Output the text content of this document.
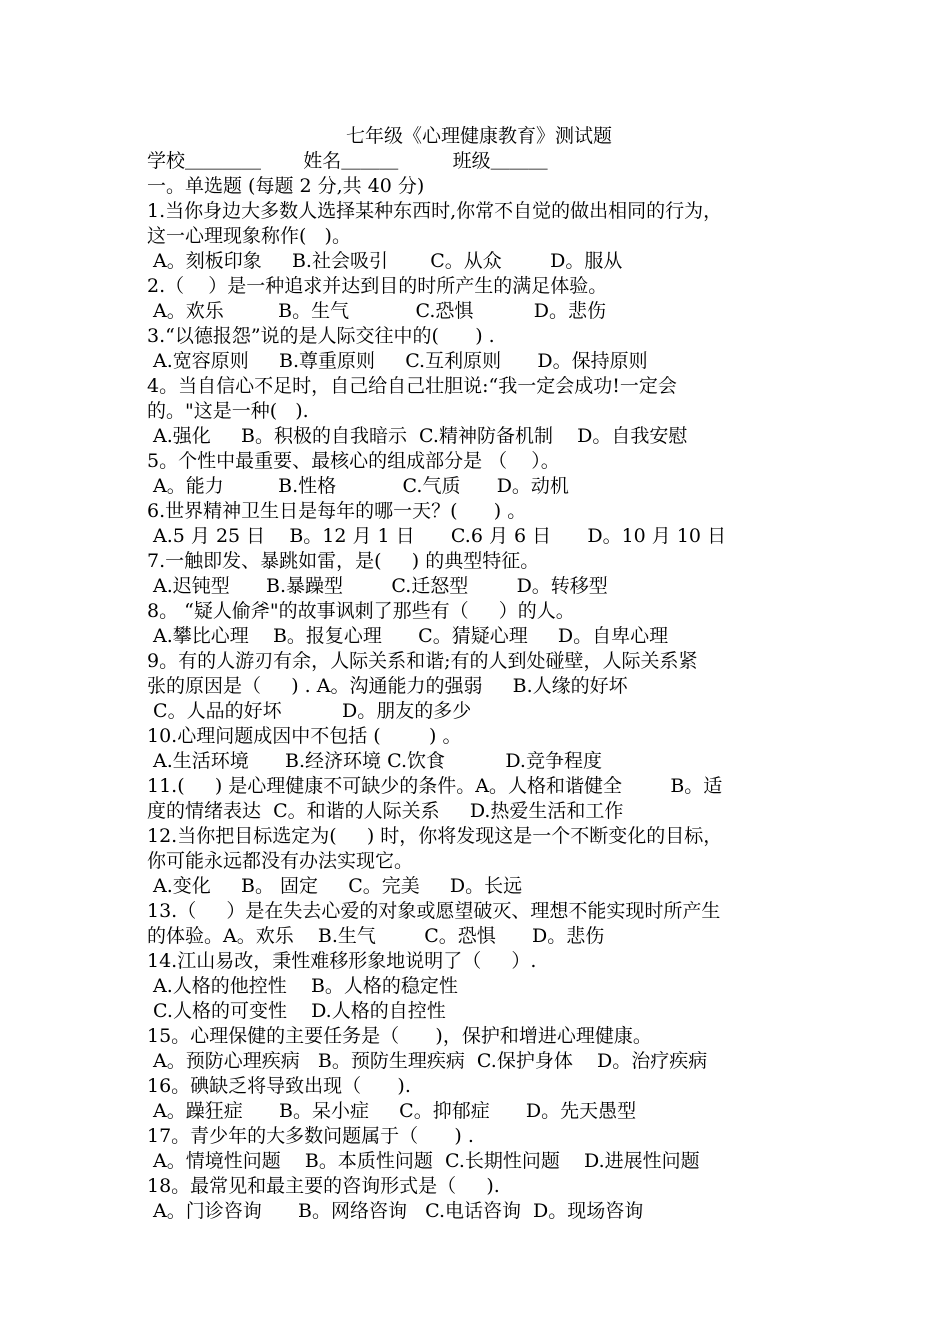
七年级《心理健康教育》测试题
学校＿＿＿＿       姓名＿＿＿         班级＿＿＿
一。单选题 (每题 2 分,共 40 分)
1.当你身边大多数人选择某种东西时,你常不自觉的做出相同的行为，
这一心理现象称作(   )。
A。刻板印象     B.社会吸引       C。从众        D。服从
2.（    ）是一种追求并达到目的时所产生的满足体验。
A。欢乐         B。生气           C.恐惧          D。悲伤
3.“以德报怨”说的是人际交往中的(      ) .
A.宽容原则     B.尊重原则     C.互利原则      D。保持原则
4。当自信心不足时，自己给自己壮胆说:“我一定会成功!一定会
的。"这是一种(   ).
A.强化     B。积极的自我暗示  C.精神防备机制    D。自我安慰
5。个性中最重要、最核心的组成部分是 （    ）。
A。能力         B.性格           C.气质      D。动机
6.世界精神卫生日是每年的哪一天？(      ) 。
A.5 月 25 日    B。12 月 1 日      C.6 月 6 日      D。10 月 10 日
7.一触即发、暴跳如雷，是(     ) 的典型特征。
A.迟钝型      B.暴躁型        C.迁怒型        D。转移型
8。 “疑人偷斧"的故事讽刺了那些有（     ）的人。
A.攀比心理    B。报复心理      C。猜疑心理     D。自卑心理
9。有的人游刃有余，人际关系和谐;有的人到处碰壁，人际关系紧
张的原因是（     ) . A。沟通能力的强弱     B.人缘的好坏
C。人品的好坏          D。朋友的多少
10.心理问题成因中不包括 (        ) 。
A.生活环境      B.经济环境 C.饮食          D.竞争程度
11.(     ) 是心理健康不可缺少的条件。A。人格和谐健全        B。适
度的情绪表达  C。和谐的人际关系     D.热爱生活和工作
12.当你把目标选定为(     ) 时，你将发现这是一个不断变化的目标，
你可能永远都没有办法实现它。
A.变化     B。 固定     C。完美     D。长远
13.（     ）是在失去心爱的对象或愿望破灭、理想不能实现时所产生
的体验。A。欢乐    B.生气        C。恐惧      D。悲伤
14.江山易改，秉性难移形象地说明了（     ）.
A.人格的他控性    B。人格的稳定性
C.人格的可变性    D.人格的自控性
15。心理保健的主要任务是（      )，保护和增进心理健康。
A。预防心理疾病   B。预防生理疾病  C.保护身体    D。治疗疾病
16。碘缺乏将导致出现（      ).
A。躁狂症      B。呆小症     C。抑郁症      D。先天愚型
17。青少年的大多数问题属于（      ) .
A。情境性问题    B。本质性问题  C.长期性问题    D.进展性问题
18。最常见和最主要的咨询形式是（     ).
A。门诊咨询      B。网络咨询   C.电话咨询  D。现场咨询
